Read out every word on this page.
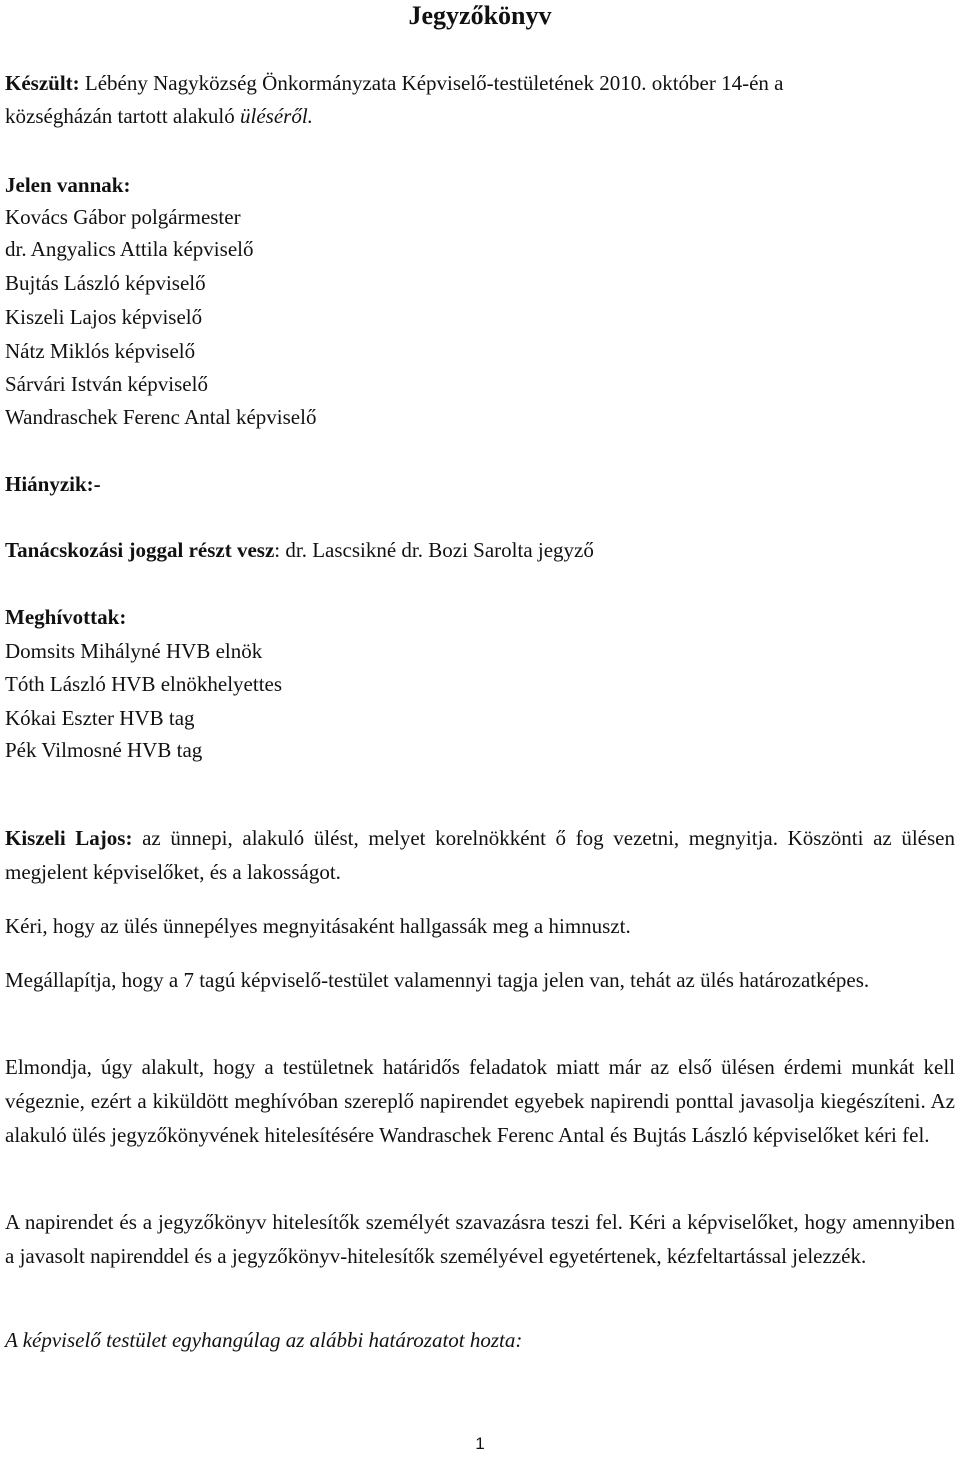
Jegyzőkönyv
Készült: Lébény Nagyközség Önkormányzata Képviselő-testületének 2010. október 14-én a
községházán tartott alakuló üléséről.
Jelen vannak:
Kovács Gábor polgármester
dr. Angyalics Attila képviselő
Bujtás László képviselő
Kiszeli Lajos képviselő
Nátz Miklós képviselő
Sárvári István képviselő
Wandraschek Ferenc Antal képviselő
Hiányzik:-
Tanácskozási joggal részt vesz: dr. Lascsikné dr. Bozi Sarolta jegyző
Meghívottak:
Domsits Mihályné HVB elnök
Tóth László HVB elnökhelyettes
Kókai Eszter HVB tag
Pék Vilmosné HVB tag
Kiszeli Lajos: az ünnepi, alakuló ülést, melyet korelnökként ő fog vezetni, megnyitja. Köszönti az ülésen megjelent képviselőket, és a lakosságot.
Kéri, hogy az ülés ünnepélyes megnyitásaként hallgassák meg a himnuszt.
Megállapítja, hogy a 7 tagú képviselő-testület valamennyi tagja jelen van, tehát az ülés határozatképes.
Elmondja, úgy alakult, hogy a testületnek határidős feladatok miatt már az első ülésen érdemi munkát kell végeznie, ezért a kiküldött meghívóban szereplő napirendet egyebek napirendi ponttal javasolja kiegészíteni. Az alakuló ülés jegyzőkönyvének hitelesítésére Wandraschek Ferenc Antal és Bujtás László képviselőket kéri fel.
A napirendet és a jegyzőkönyv hitelesítők személyét szavazásra teszi fel. Kéri a képviselőket, hogy amennyiben a javasolt napirenddel és a jegyzőkönyv-hitelesítők személyével egyetértenek, kézfeltartással jelezzék.
A képviselő testület egyhangúlag az alábbi határozatot hozta:
1
